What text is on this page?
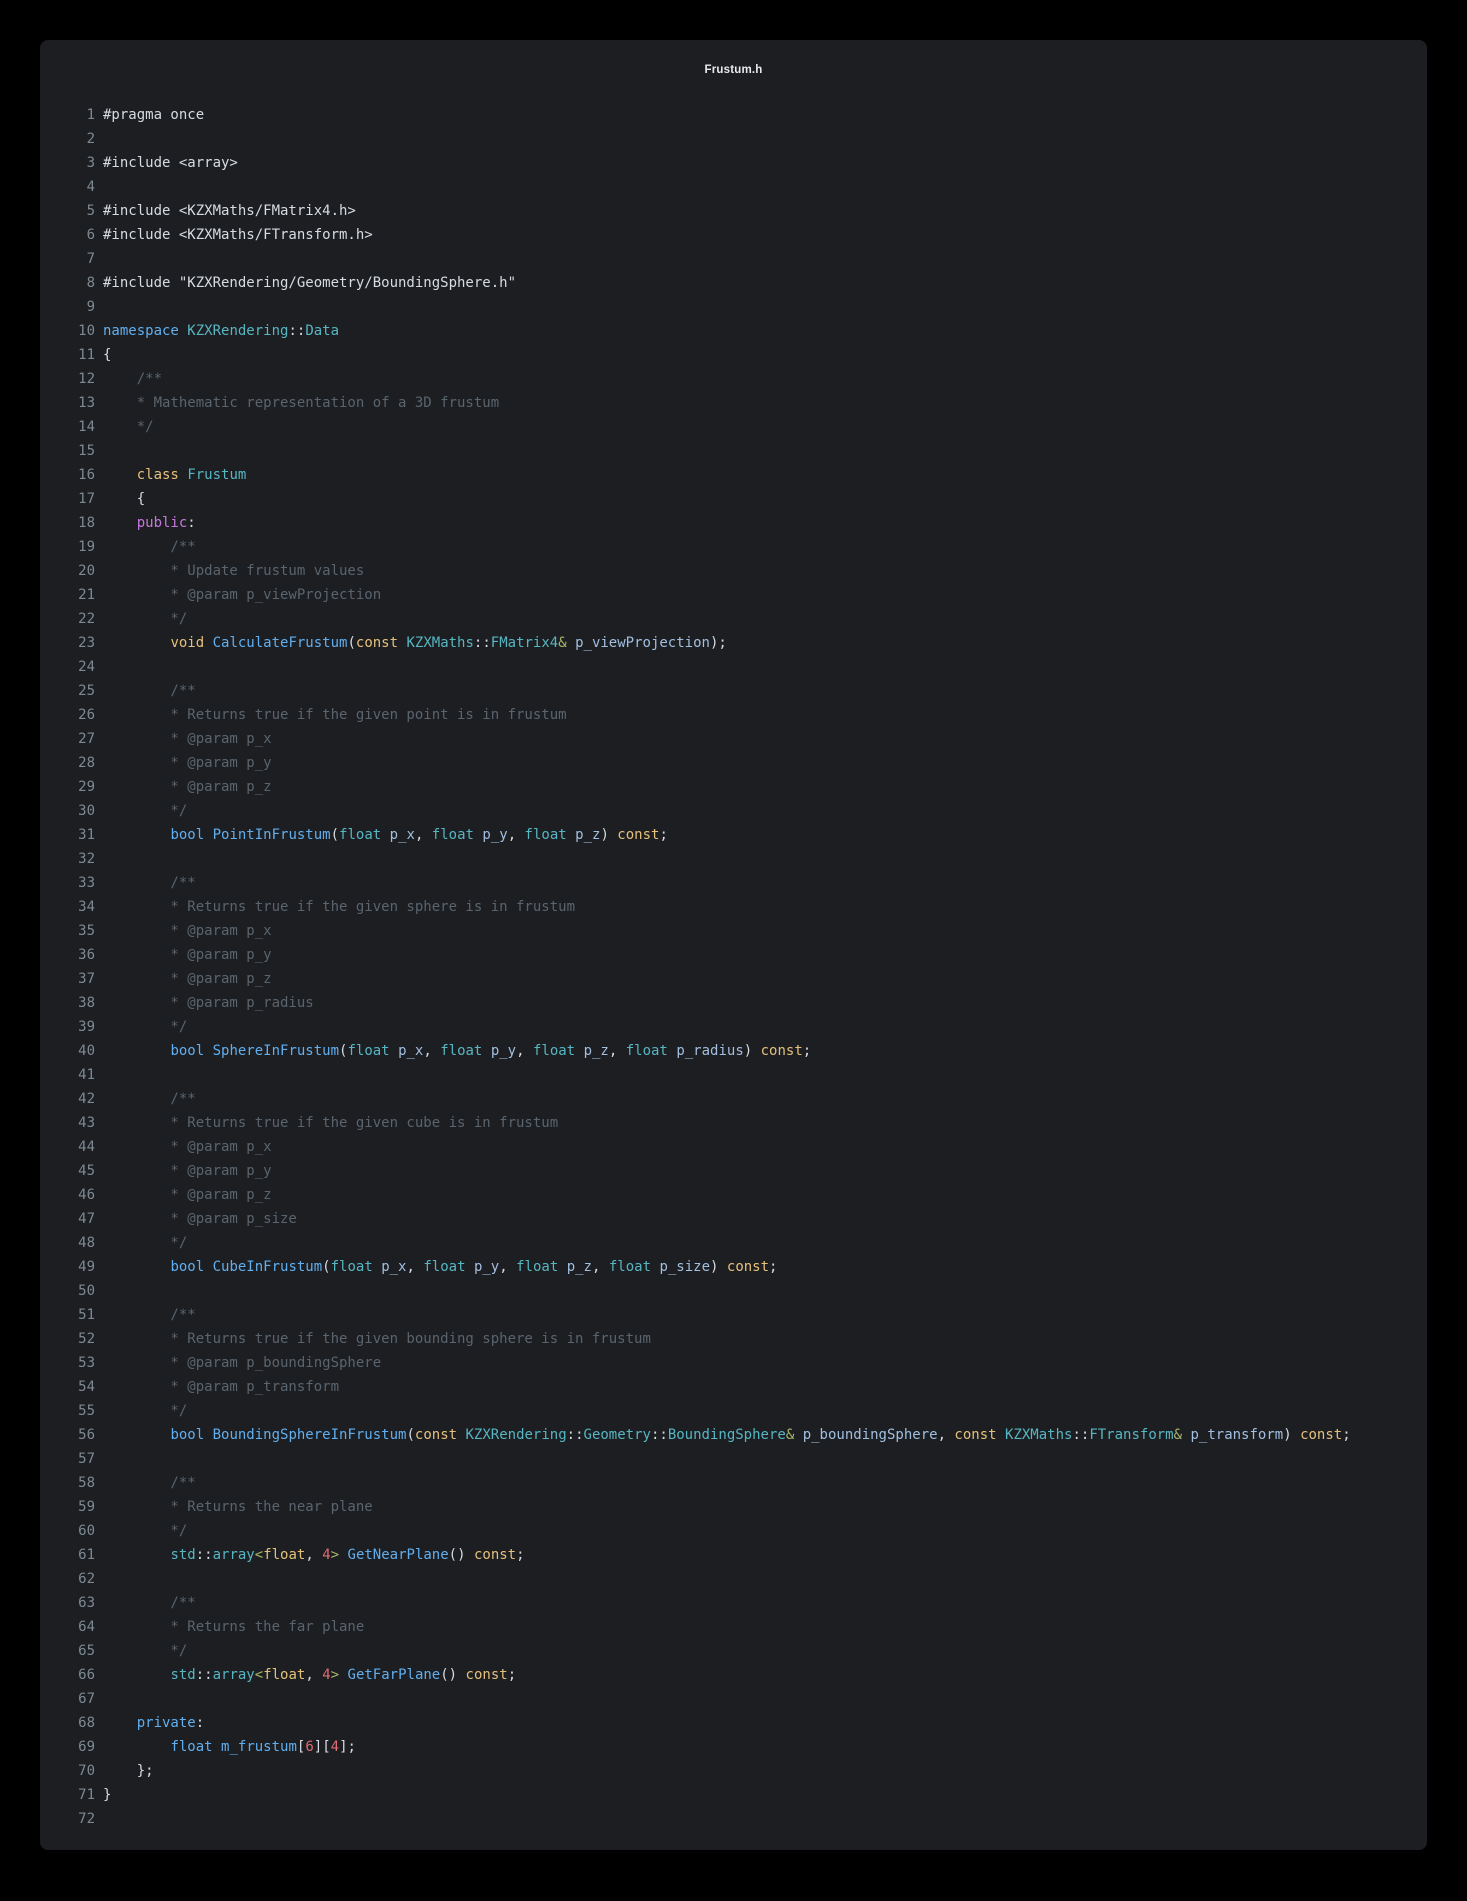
Frustum.h
1 #pragma once
2
3 #include <array>
4
5 #include <KZXMaths/FMatrix4.h>
6 #include <KZXMaths/FTransform.h>
7
8 #include "KZXRendering/Geometry/BoundingSphere.h"
9
10 namespace KZXRendering::Data
11 {
12 /**
13 * Mathematic representation of a 3D frustum
14 */
15
16	class Frustum
17 {
18	public:
19 /**
20 * Update frustum values
21 * @param p_viewProjection
22 */
23	void CalculateFrustum(const KZXMaths::FMatrix4& p_viewProjection);
24
25 /**
26 * Returns true if the given point is in frustum
27 * @param p_x
28 * @param p_y
29 * @param p_z
30 */
31	bool PointInFrustum(float p_x, float p_y, float p_z) const;
32
33 /**
34 * Returns true if the given sphere is in frustum
35 * @param p_x
36 * @param p_y
37 * @param p_z
38 * @param p_radius
39 */
40	bool SphereInFrustum(float p_x, float p_y, float p_z, float p_radius) const;
41
42 /**
43 * Returns true if the given cube is in frustum
44 * @param p_x
45 * @param p_y
46 * @param p_z
47 * @param p_size
48 */
49	bool CubeInFrustum(float p_x, float p_y, float p_z, float p_size) const;
50
51 /**
52 * Returns true if the given bounding sphere is in frustum
53 * @param p_boundingSphere
54 * @param p_transform
55 */
56	bool BoundingSphereInFrustum(const KZXRendering::Geometry::BoundingSphere& p_boundingSphere, const KZXMaths::FTransform& p_transform) const;
57
58 /**
59 * Returns the near plane
60 */
61	std::array<float, 4> GetNearPlane() const;
62
63 /**
64 * Returns the far plane
65 */
66	std::array<float, 4> GetFarPlane() const;
67
68	private:
69	float m_frustum[6][4];
70 };
71 }
72
